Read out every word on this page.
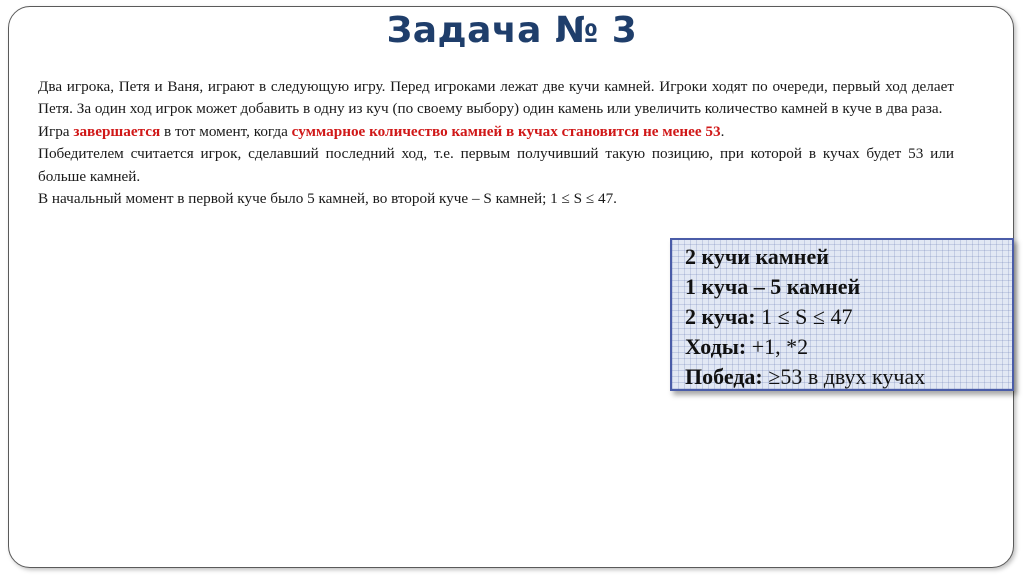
Задача № 3

Два игрока, Петя и Ваня, играют в следующую игру. Перед игроками лежат две кучи камней. Игроки ходят по очереди, первый ход делает Петя. За один ход игрок может добавить в одну из куч (по своему выбору) один камень или увеличить количество камней в куче в два раза.

Игра завершается в тот момент, когда суммарное количество камней в кучах становится не менее 53.

Победителем считается игрок, сделавший последний ход, т.е. первым получивший такую позицию, при которой в кучах будет 53 или больше камней.

В начальный момент в первой куче было 5 камней, во второй куче – S камней; 1 ≤ S ≤ 47.

2 кучи камней
1 куча – 5 камней
2 куча: 1 ≤ S ≤ 47
Ходы: +1, *2
Победа: ≥53 в двух кучах
